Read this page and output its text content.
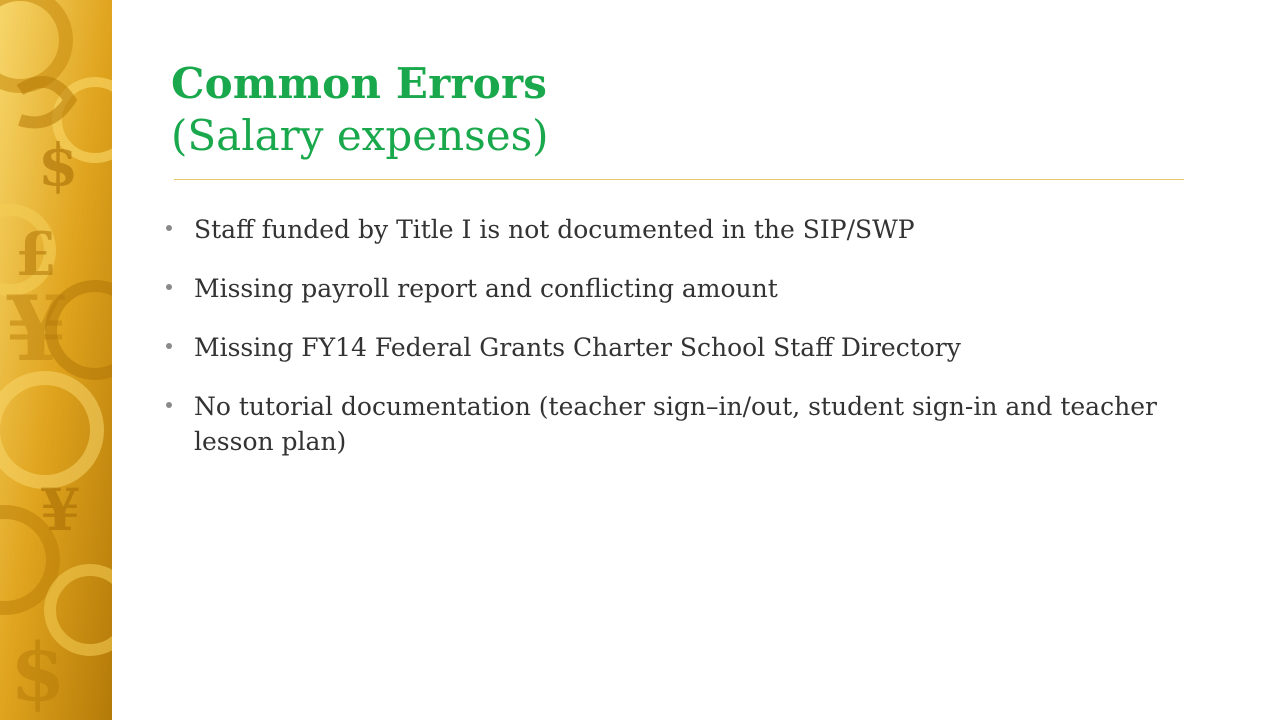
$
£
¥
¥
$
Common Errors
(Salary expenses)
Staff funded by Title I is not documented in the SIP/SWP
Missing payroll report and conflicting amount
Missing FY14 Federal Grants Charter School Staff Directory
No tutorial documentation (teacher sign–in/out, student sign-in and teacher lesson plan)
